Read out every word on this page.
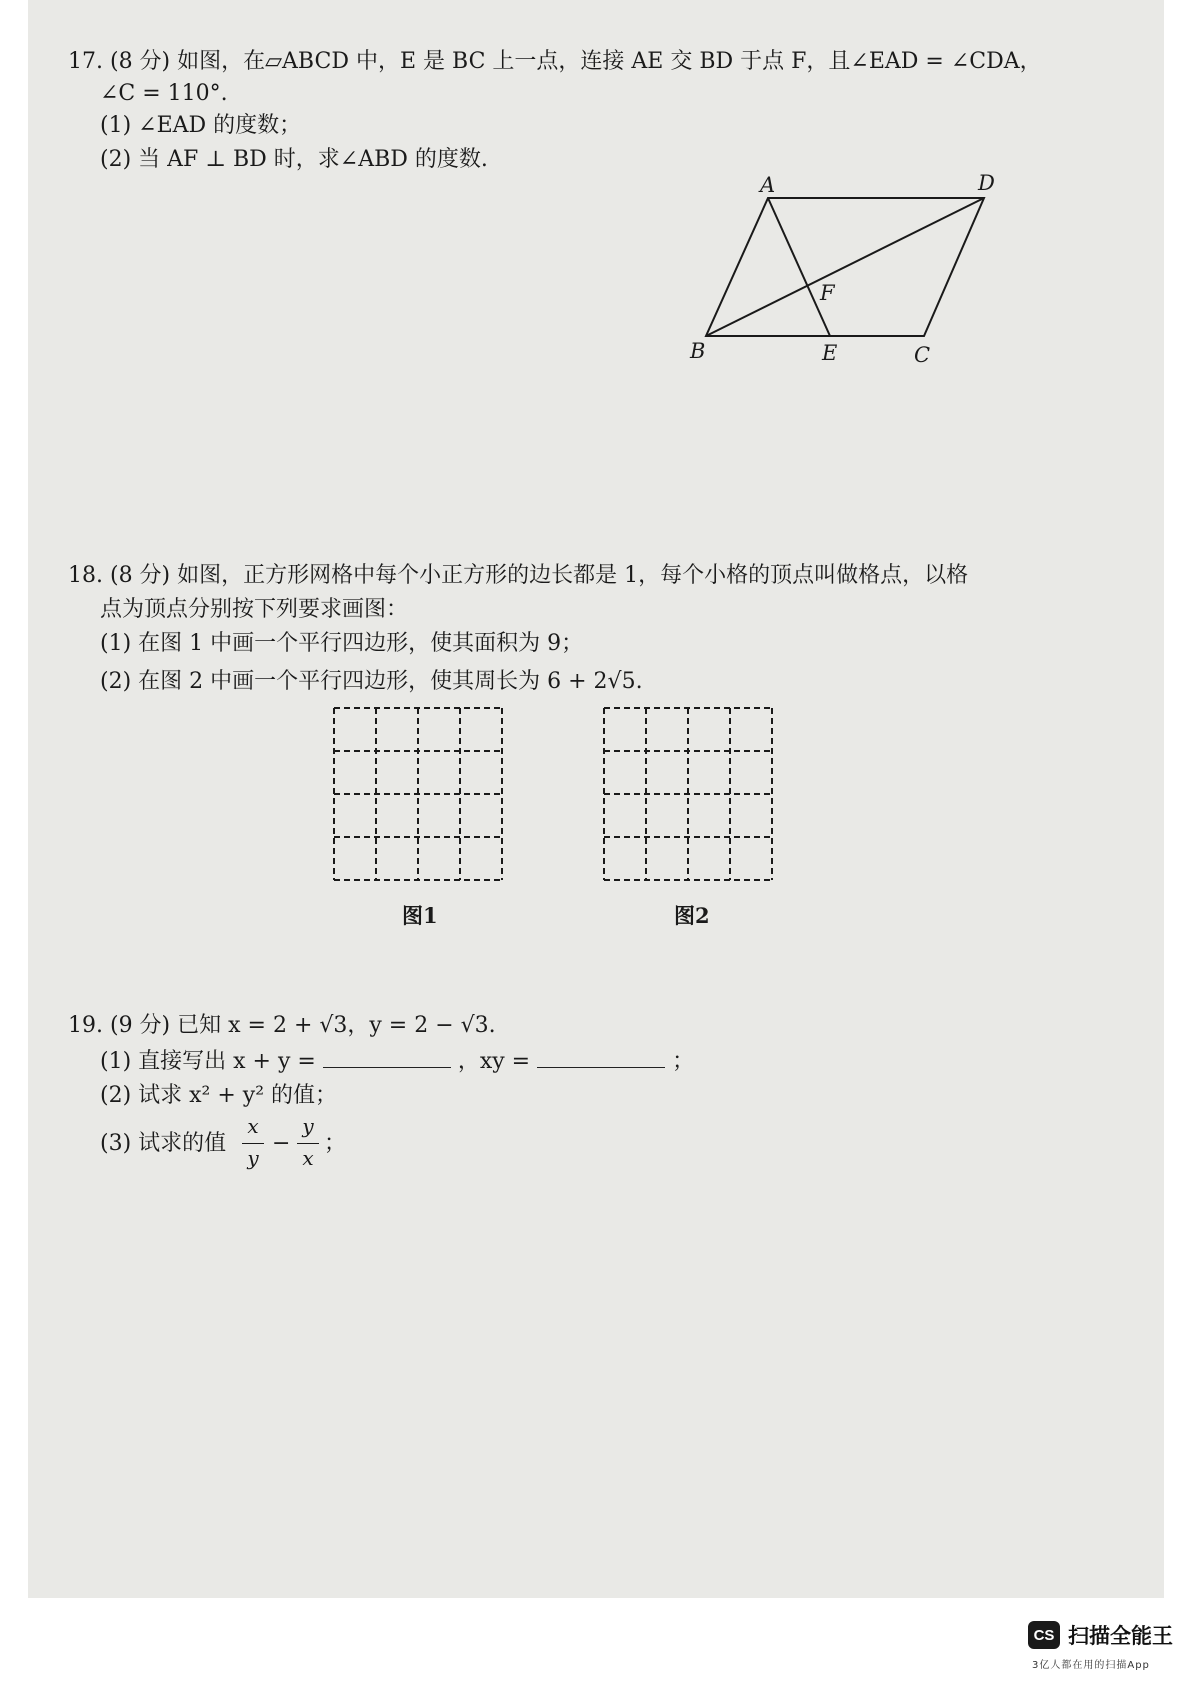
17. (8 分) 如图，在▱ABCD 中，E 是 BC 上一点，连接 AE 交 BD 于点 F，且∠EAD = ∠CDA，
∠C = 110°.
(1) ∠EAD 的度数；
(2) 当 AF ⊥ BD 时，求∠ABD 的度数.
A	D
F
B	E	C
18. (8 分) 如图，正方形网格中每个小正方形的边长都是 1，每个小格的顶点叫做格点，以格
点为顶点分别按下列要求画图：
(1) 在图 1 中画一个平行四边形，使其面积为 9；
(2) 在图 2 中画一个平行四边形，使其周长为 6 + 2√5.
图1	图2
19. (9 分) 已知 x = 2 + √3，y = 2 − √3.
(1) 直接写出 x + y =	，xy =	；
(2) 试求 x² + y² 的值；
(3) 试求的值
x
y
−
y
x
；
CS 扫描全能王
3亿人都在用的扫描App
